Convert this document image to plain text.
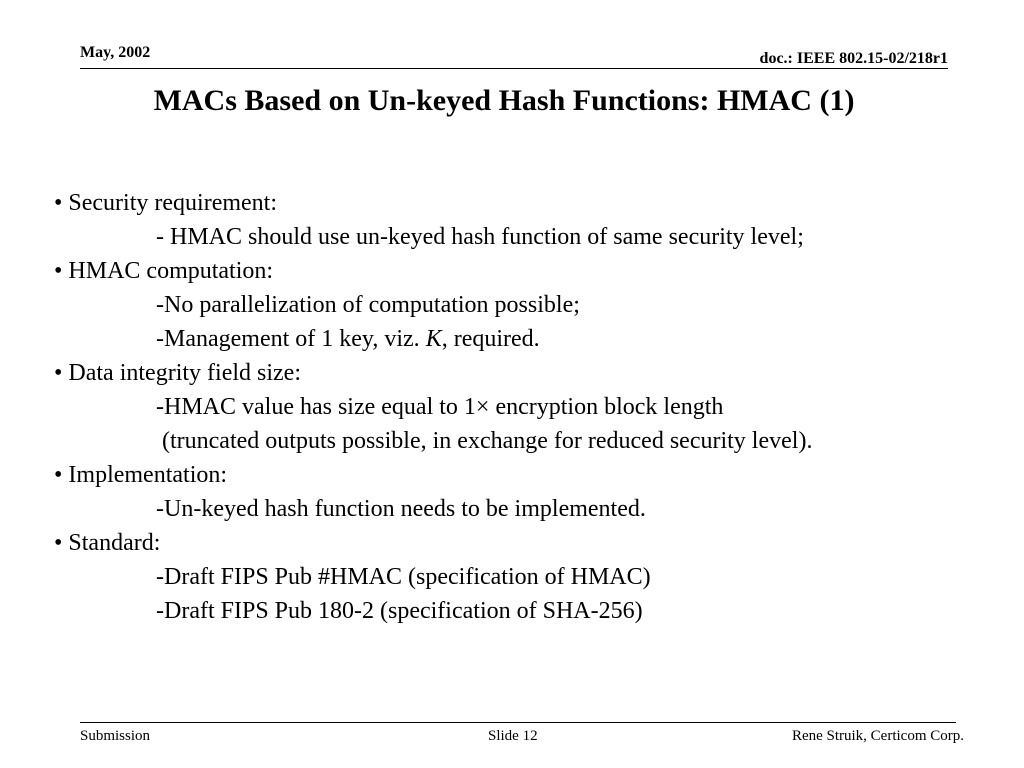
May, 2002	doc.: IEEE 802.15-02/218r1
MACs Based on Un-keyed Hash Functions: HMAC (1)
• Security requirement:
- HMAC should use un-keyed hash function of same security level;
• HMAC computation:
-No parallelization of computation possible;
-Management of 1 key, viz. K, required.
• Data integrity field size:
-HMAC value has size equal to 1× encryption block length
(truncated outputs possible, in exchange for reduced security level).
• Implementation:
-Un-keyed hash function needs to be implemented.
• Standard:
-Draft FIPS Pub #HMAC (specification of HMAC)
-Draft FIPS Pub 180-2 (specification of SHA-256)
Submission	Slide 12	Rene Struik, Certicom Corp.
